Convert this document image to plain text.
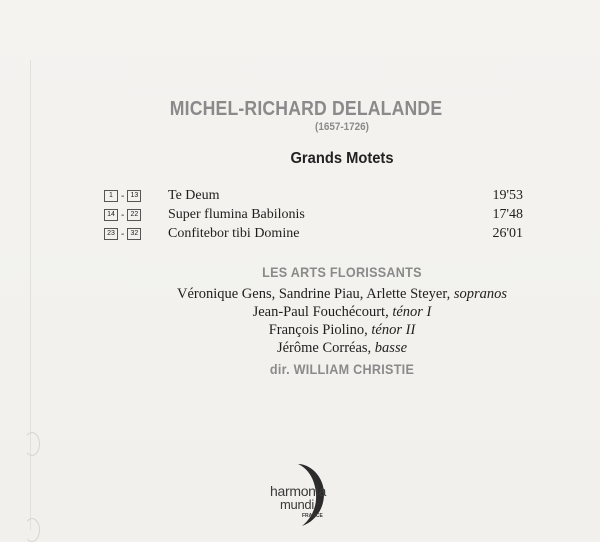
MICHEL-RICHARD DELALANDE
(1657-1726)
Grands Motets
1 - 13 Te Deum	19'53
14 - 22 Super flumina Babilonis	17'48
23 - 32 Confitebor tibi Domine	26'01
LES ARTS FLORISSANTS
Véronique Gens, Sandrine Piau, Arlette Steyer, sopranos
Jean-Paul Fouchécourt, ténor I
François Piolino, ténor II
Jérôme Corréas, basse
dir. WILLIAM CHRISTIE
harmonia
mundi
FRANCE
